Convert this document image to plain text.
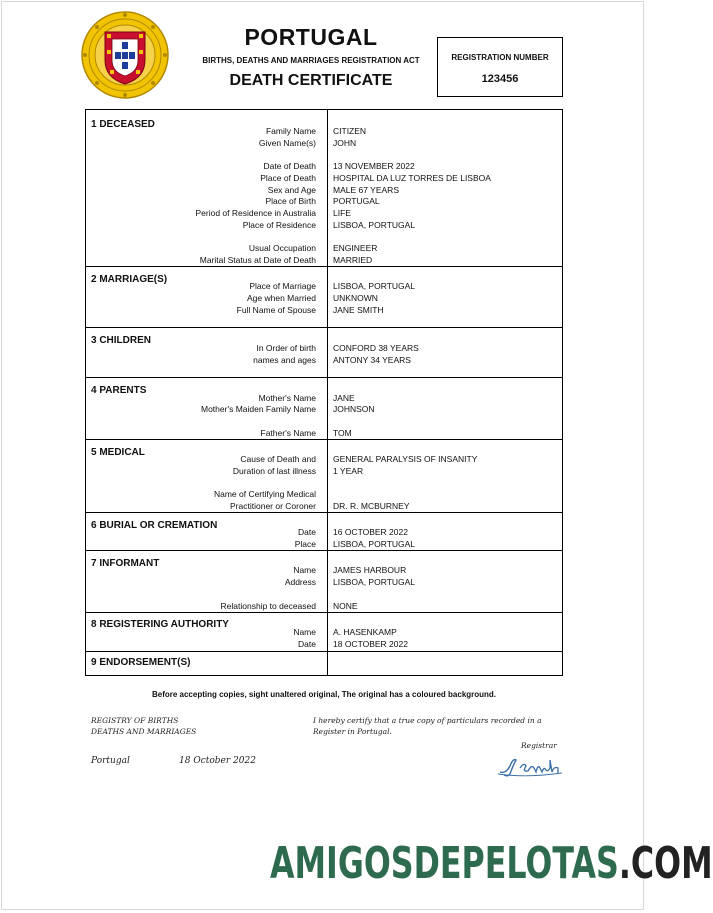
PORTUGAL
BIRTHS, DEATHS AND MARRIAGES REGISTRATION ACT
DEATH CERTIFICATE
REGISTRATION NUMBER
123456
1 DECEASED
Family Name	CITIZEN
Given Name(s)	JOHN
Date of Death	13 NOVEMBER 2022
Place of Death	HOSPITAL DA LUZ TORRES DE LISBOA
Sex and Age	MALE 67 YEARS
Place of Birth	PORTUGAL
Period of Residence in Australia	LIFE
Place of Residence	LISBOA, PORTUGAL
Usual Occupation	ENGINEER
Marital Status at Date of Death	MARRIED
2 MARRIAGE(S)
Place of Marriage	LISBOA, PORTUGAL
Age when Married	UNKNOWN
Full Name of Spouse	JANE SMITH
3 CHILDREN
In Order of birth	CONFORD 38 YEARS
names and ages	ANTONY 34 YEARS
4 PARENTS
Mother's Name	JANE
Mother's Maiden Family Name	JOHNSON
Father's Name	TOM
5 MEDICAL
Cause of Death and	GENERAL PARALYSIS OF INSANITY
Duration of last illness	1 YEAR
Name of Certifying Medical
Practitioner or Coroner	DR. R. MCBURNEY
6 BURIAL OR CREMATION
Date	16 OCTOBER 2022
Place	LISBOA, PORTUGAL
7 INFORMANT
Name	JAMES HARBOUR
Address	LISBOA, PORTUGAL
Relationship to deceased	NONE
8 REGISTERING AUTHORITY
Name	A. HASENKAMP
Date	18 OCTOBER 2022
9 ENDORSEMENT(S)
Before accepting copies, sight unaltered original, The original has a coloured background.
REGISTRY OF BIRTHS
DEATHS AND MARRIAGES
I hereby certify that a true copy of particulars recorded in a
Register in Portugal.
Registrar
Portugal	18 October 2022
AMIGOSDEPELOTAS.COM
